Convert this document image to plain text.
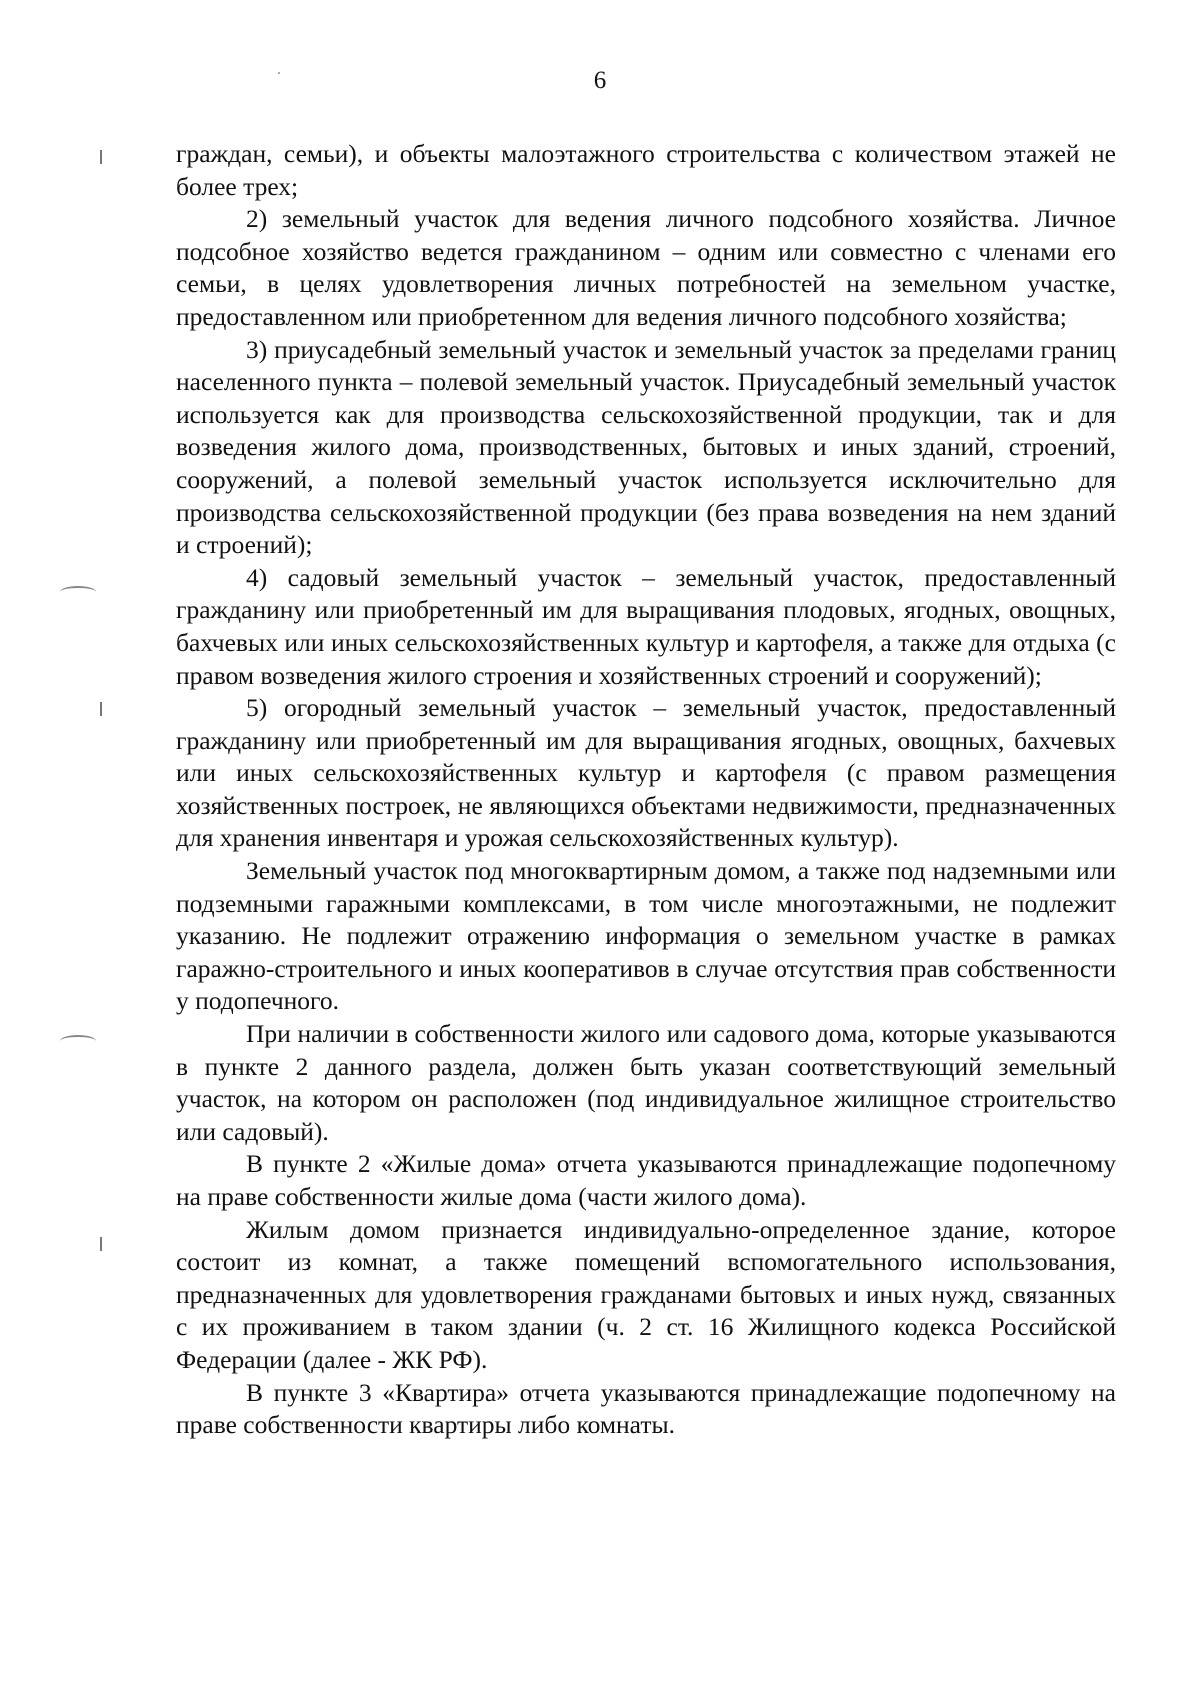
6

граждан, семьи), и объекты малоэтажного строительства с количеством этажей не более трех;

2) земельный участок для ведения личного подсобного хозяйства. Личное подсобное хозяйство ведется гражданином – одним или совместно с членами его семьи, в целях удовлетворения личных потребностей на земельном участке, предоставленном или приобретенном для ведения личного подсобного хозяйства;

3) приусадебный земельный участок и земельный участок за пределами границ населенного пункта – полевой земельный участок. Приусадебный земельный участок используется как для производства сельскохозяйственной продукции, так и для возведения жилого дома, производственных, бытовых и иных зданий, строений, сооружений, а полевой земельный участок используется исключительно для производства сельскохозяйственной продукции (без права возведения на нем зданий и строений);

4) садовый земельный участок – земельный участок, предоставленный гражданину или приобретенный им для выращивания плодовых, ягодных, овощных, бахчевых или иных сельскохозяйственных культур и картофеля, а также для отдыха (с правом возведения жилого строения и хозяйственных строений и сооружений);

5) огородный земельный участок – земельный участок, предоставленный гражданину или приобретенный им для выращивания ягодных, овощных, бахчевых или иных сельскохозяйственных культур и картофеля (с правом размещения хозяйственных построек, не являющихся объектами недвижимости, предназначенных для хранения инвентаря и урожая сельскохозяйственных культур).

Земельный участок под многоквартирным домом, а также под надземными или подземными гаражными комплексами, в том числе многоэтажными, не подлежит указанию. Не подлежит отражению информация о земельном участке в рамках гаражно-строительного и иных кооперативов в случае отсутствия прав собственности у подопечного.

При наличии в собственности жилого или садового дома, которые указываются в пункте 2 данного раздела, должен быть указан соответствующий земельный участок, на котором он расположен (под индивидуальное жилищное строительство или садовый).

В пункте 2 «Жилые дома» отчета указываются принадлежащие подопечному на праве собственности жилые дома (части жилого дома).

Жилым домом признается индивидуально-определенное здание, которое состоит из комнат, а также помещений вспомогательного использования, предназначенных для удовлетворения гражданами бытовых и иных нужд, связанных с их проживанием в таком здании (ч. 2 ст. 16 Жилищного кодекса Российской Федерации (далее - ЖК РФ).

В пункте 3 «Квартира» отчета указываются принадлежащие подопечному на праве собственности квартиры либо комнаты.
